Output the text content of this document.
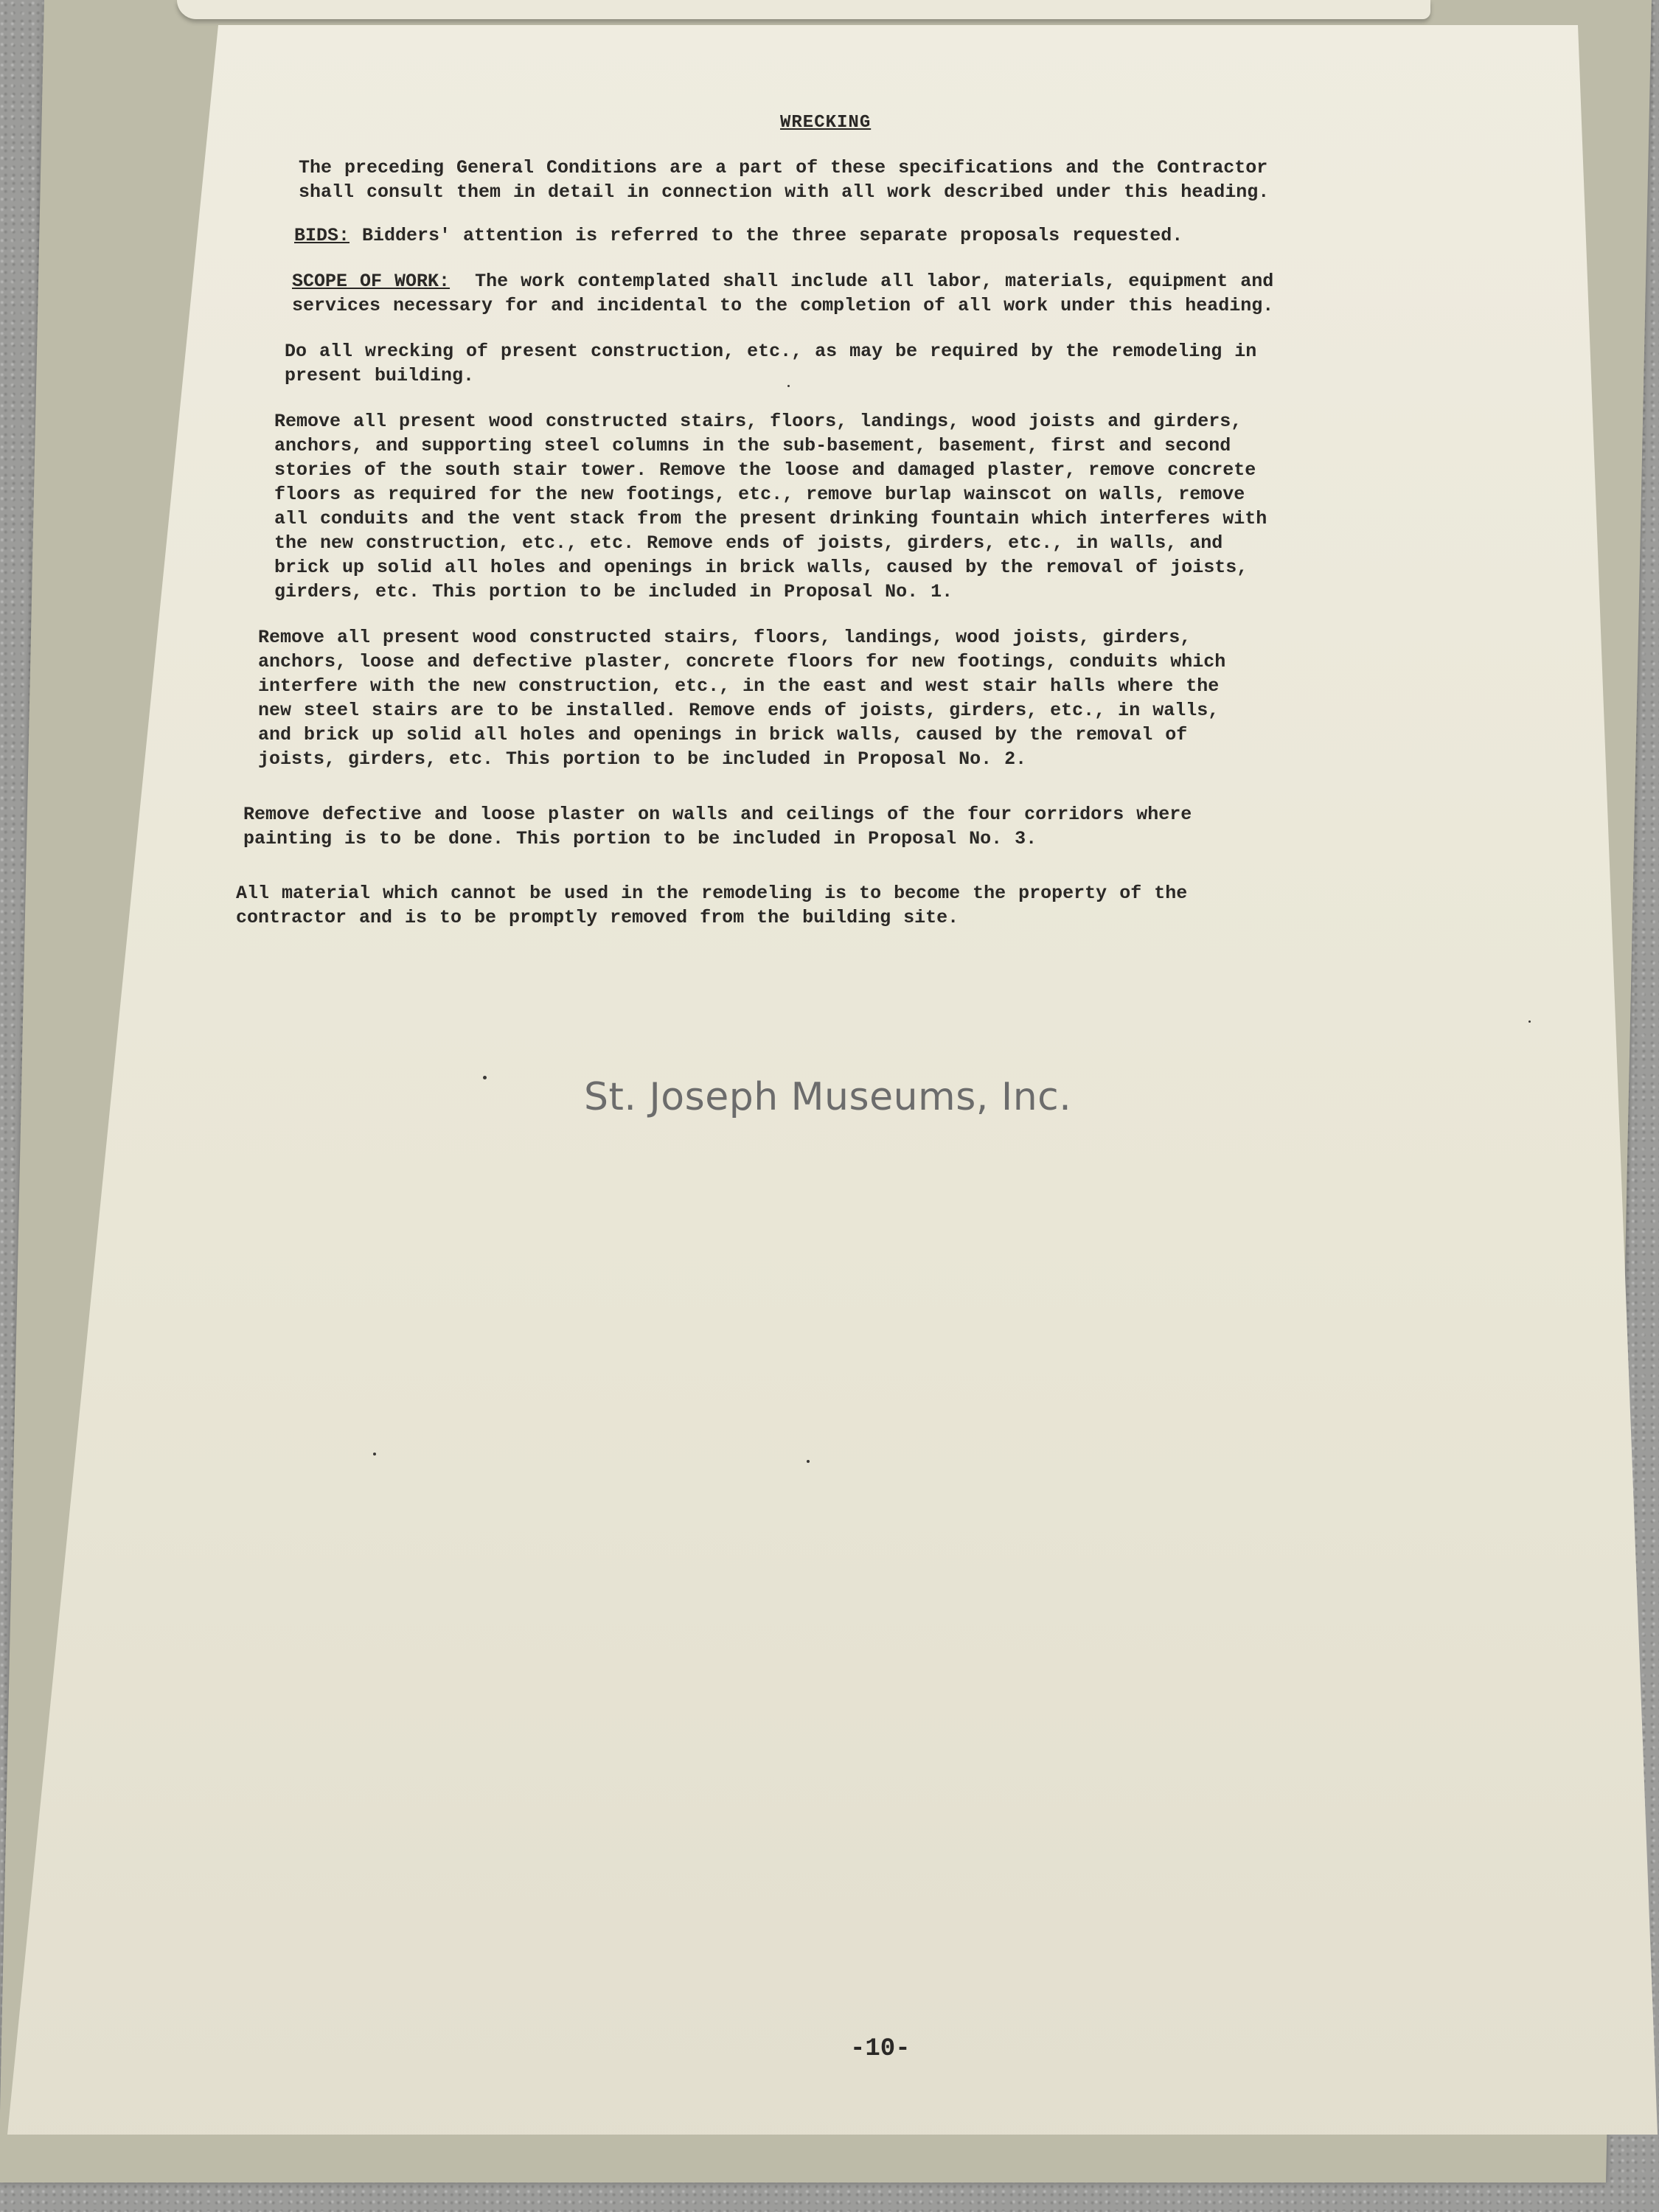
WRECKING
The preceding General Conditions are a part of these specifications and the Contractor
shall consult them in detail in connection with all work described under this heading.
BIDS: Bidders' attention is referred to the three separate proposals requested.
SCOPE OF WORK: The work contemplated shall include all labor, materials, equipment and
services necessary for and incidental to the completion of all work under this heading.
Do all wrecking of present construction, etc., as may be required by the remodeling in
present building.
Remove all present wood constructed stairs, floors, landings, wood joists and girders,
anchors, and supporting steel columns in the sub-basement, basement, first and second
stories of the south stair tower. Remove the loose and damaged plaster, remove concrete
floors as required for the new footings, etc., remove burlap wainscot on walls, remove
all conduits and the vent stack from the present drinking fountain which interferes with
the new construction, etc., etc. Remove ends of joists, girders, etc., in walls, and
brick up solid all holes and openings in brick walls, caused by the removal of joists,
girders, etc. This portion to be included in Proposal No. 1.
Remove all present wood constructed stairs, floors, landings, wood joists, girders,
anchors, loose and defective plaster, concrete floors for new footings, conduits which
interfere with the new construction, etc., in the east and west stair halls where the
new steel stairs are to be installed. Remove ends of joists, girders, etc., in walls,
and brick up solid all holes and openings in brick walls, caused by the removal of
joists, girders, etc. This portion to be included in Proposal No. 2.
Remove defective and loose plaster on walls and ceilings of the four corridors where
painting is to be done. This portion to be included in Proposal No. 3.
All material which cannot be used in the remodeling is to become the property of the
contractor and is to be promptly removed from the building site.
St. Joseph Museums, Inc.
-10-
